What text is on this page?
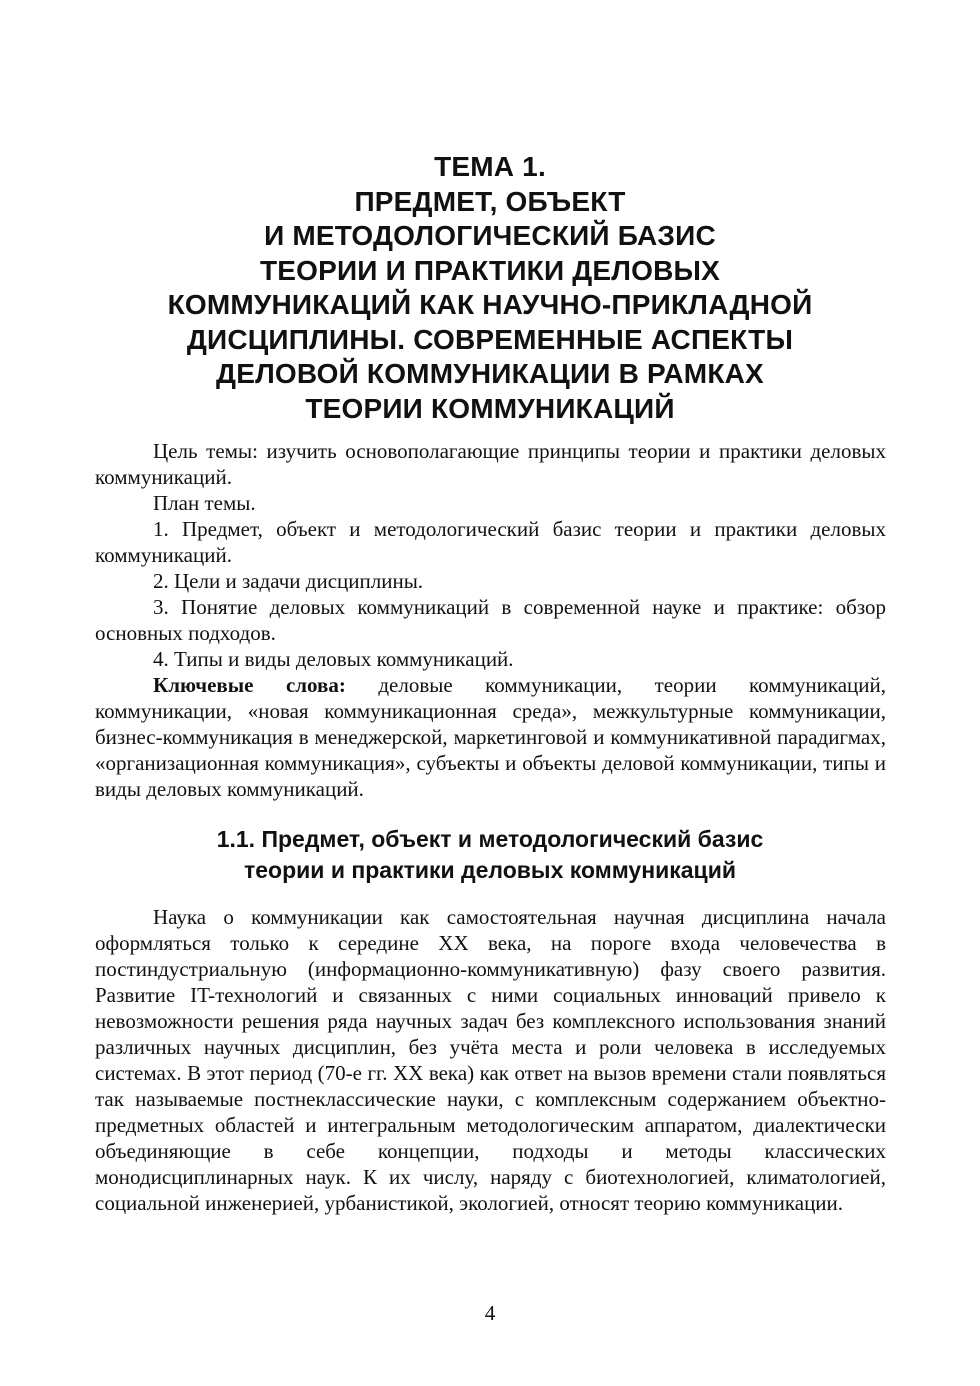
ТЕМА 1.
ПРЕДМЕТ, ОБЪЕКТ
И МЕТОДОЛОГИЧЕСКИЙ БАЗИС
ТЕОРИИ И ПРАКТИКИ ДЕЛОВЫХ
КОММУНИКАЦИЙ КАК НАУЧНО-ПРИКЛАДНОЙ
ДИСЦИПЛИНЫ. СОВРЕМЕННЫЕ АСПЕКТЫ
ДЕЛОВОЙ КОММУНИКАЦИИ В РАМКАХ
ТЕОРИИ КОММУНИКАЦИЙ

Цель темы: изучить основополагающие принципы теории и практики деловых коммуникаций.

План темы.

1. Предмет, объект и методологический базис теории и практики деловых коммуникаций.

2. Цели и задачи дисциплины.

3. Понятие деловых коммуникаций в современной науке и практике: обзор основных подходов.

4. Типы и виды деловых коммуникаций.

Ключевые слова: деловые коммуникации, теории коммуникаций, коммуникации, «новая коммуникационная среда», межкультурные коммуникации, бизнес-коммуникация в менеджерской, маркетинговой и коммуникативной парадигмах, «организационная коммуникация», субъекты и объекты деловой коммуникации, типы и виды деловых коммуникаций.

1.1. Предмет, объект и методологический базис
теории и практики деловых коммуникаций

Наука о коммуникации как самостоятельная научная дисциплина начала оформляться только к середине XX века, на пороге входа человечества в постиндустриальную (информационно-коммуникативную) фазу своего развития. Развитие IT-технологий и связанных с ними социальных инноваций привело к невозможности решения ряда научных задач без комплексного использования знаний различных научных дисциплин, без учёта места и роли человека в исследуемых системах. В этот период (70-е гг. XX века) как ответ на вызов времени стали появляться так называемые постнеклассические науки, с комплексным содержанием объектно-предметных областей и интегральным методологическим аппаратом, диалектически объединяющие в себе концепции, подходы и методы классических монодисциплинарных наук. К их числу, наряду с биотехнологией, климатологией, социальной инженерией, урбанистикой, экологией, относят теорию коммуникации.

4
